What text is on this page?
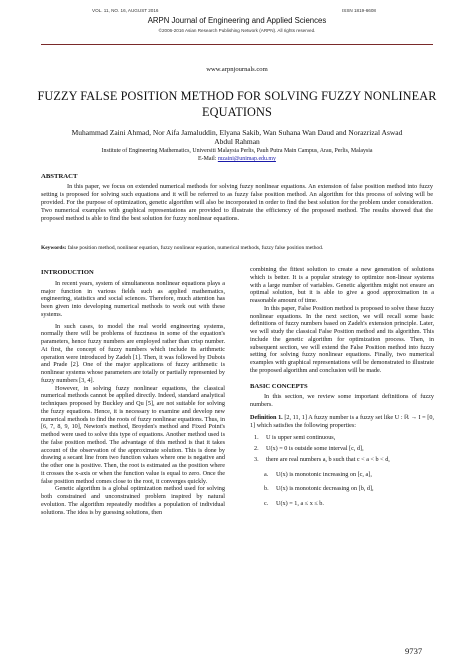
VOL. 11, NO. 16, AUGUST 2016	ISSN 1819-6608
ARPN Journal of Engineering and Applied Sciences
©2006-2016 Asian Research Publishing Network (ARPN). All rights reserved.
www.arpnjournals.com
FUZZY FALSE POSITION METHOD FOR SOLVING FUZZY NONLINEAR
EQUATIONS
Muhammad Zaini Ahmad, Nor Aifa Jamaluddin, Elyana Sakib, Wan Suhana Wan Daud and Norazrizal Aswad
Abdul Rahman
Institute of Engineering Mathematics, Universiti Malaysia Perlis, Pauh Putra Main Campus, Arau, Perlis, Malaysia
E-Mail: mzaini@unimap.edu.my
ABSTRACT
In this paper, we focus on extended numerical methods for solving fuzzy nonlinear equations. An extension of false position method into fuzzy setting is proposed for solving such equations and it will be referred to as fuzzy false position method. An algorithm for this process of solving will be provided. For the purpose of optimization, genetic algorithm will also be incorporated in order to find the best solution for the problem under consideration. Two numerical examples with graphical representations are provided to illustrate the efficiency of the proposed method. The results showed that the proposed method is able to find the best solution for fuzzy nonlinear equations.
Keywords: false position method, nonlinear equation, fuzzy nonlinear equation, numerical methods, fuzzy false position method.
INTRODUCTION

In recent years, system of simultaneous nonlinear equations plays a major function in various fields such as applied mathematics, engineering, statistics and social sciences. Therefore, much attention has been given into developing numerical methods to work out with these systems.

In such cases, to model the real world engineering systems, normally there will be problems of fuzziness in some of the equation's parameters, hence fuzzy numbers are employed rather than crisp number. At first, the concept of fuzzy numbers which include its arithmetic operation were introduced by Zadeh [1]. Then, it was followed by Dubois and Prade [2]. One of the major applications of fuzzy arithmetic is nonlinear systems whose parameters are totally or partially represented by fuzzy numbers [3, 4].

However, in solving fuzzy nonlinear equations, the classical numerical methods cannot be applied directly. Indeed, standard analytical techniques proposed by Buckley and Qu [5], are not suitable for solving the fuzzy equations. Hence, it is necessary to examine and develop new numerical methods to find the roots of fuzzy nonlinear equations. Thus, in [6, 7, 8, 9, 10], Newton's method, Broyden's method and Fixed Point's method were used to solve this type of equations. Another method used is the false position method. The advantage of this method is that it takes account of the observation of the approximate solution. This is done by drawing a secant line from two function values where one is negative and the other one is positive. Then, the root is estimated as the position where it crosses the x-axis or when the function value is equal to zero. Once the false position method comes close to the root, it converges quickly.

Genetic algorithm is a global optimization method used for solving both constrained and unconstrained problem inspired by natural evolution. The algorithm repeatedly modifies a population of individual solutions. The idea is by guessing solutions, then

combining the fittest solution to create a new generation of solutions which is better. It is a popular strategy to optimize non-linear systems with a large number of variables. Genetic algorithm might not ensure an optimal solution, but it is able to give a good approximation in a reasonable amount of time.

In this paper, False Position method is proposed to solve these fuzzy nonlinear equations. In the next section, we will recall some basic definitions of fuzzy numbers based on Zadeh's extension principle. Later, we will study the classical False Position method and its algorithm. This include the genetic algorithm for optimization process. Then, in subsequent section, we will extend the False Position method into fuzzy setting for solving fuzzy nonlinear equations. Finally, two numerical examples with graphical representations will be demonstrated to illustrate the proposed algorithm and conclusion will be made.

BASIC CONCEPTS

In this section, we review some important definitions of fuzzy numbers.

Definition 1. [2, 11, 1] A fuzzy number is a fuzzy set like U : ℝ → I = [0, 1] which satisfies the following properties:

1. U is upper semi continuous,
2. U(x) = 0 is outside some interval [c, d],
3. there are real numbers a, b such that c < a < b < d,
a. U(x) is monotonic increasing on [c, a],
b. U(x) is monotonic decreasing on [b, d],
c. U(x) = 1, a ≤ x ≤ b.
9737
